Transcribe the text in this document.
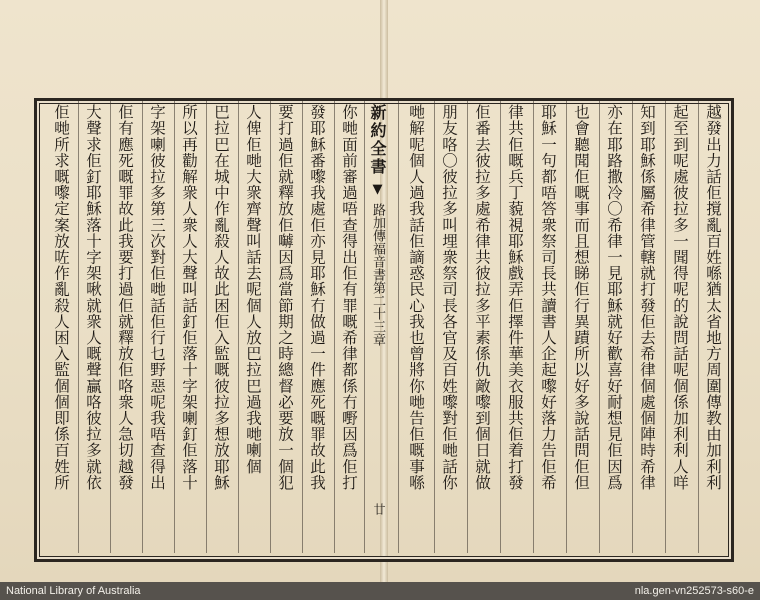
越發出力話佢撹亂百姓喺猶太省地方周圍傳教由加利利
起至到呢處彼拉多一聞得呢的說問話呢個係加利利人咩
知到耶穌係屬希律管轄就打發佢去希律個處個陣時希律
亦在耶路撒冷〇希律一見耶穌就好歡喜好耐想見佢因爲
也會聽聞佢嘅事而且想睇佢行異蹟所以好多說話問佢但
耶穌一句都唔答衆祭司長共讀書人企起嚟好落力告佢希
律共佢嘅兵丁藐視耶穌戲弄佢擇件華美衣服共佢着打發
佢番去彼拉多處希律共彼拉多平素係仇敵嚟到個日就做
朋友咯〇彼拉多叫埋衆祭司長各官及百姓嚟對佢哋話你
哋解呢個人過我話佢謫惑民心我也曾將你哋告佢嘅事喺
新約全書▼路加傳福音書第二十三章
廿
你哋面前審過唔查得出佢有罪嘅希律都係冇嘢因爲佢打
發耶穌番嚟我處佢亦見耶穌冇做過一件應死嘅罪故此我
要打過佢就釋放佢嚹因爲當節期之時總督必要放一個犯
人俾佢哋大衆齊聲叫話去呢個人放巴拉巴過我哋喇個
巴拉巴在城中作亂殺人故此困佢入監嘅彼拉多想放耶穌
所以再勸解衆人衆人大聲叫話釘佢落十字架喇釘佢落十
字架喇彼拉多第三次對佢哋話佢行乜野惡呢我唔查得出
佢有應死嘅罪故此我要打過佢就釋放佢咯衆人急切越發
大聲求佢釘耶穌落十字架啾就衆人嘅聲贏咯彼拉多就依
佢哋所求嘅嚟定案放咗作亂殺人困入監個個即係百姓所
National Library of Australia	nla.gen-vn252573-s60-e
